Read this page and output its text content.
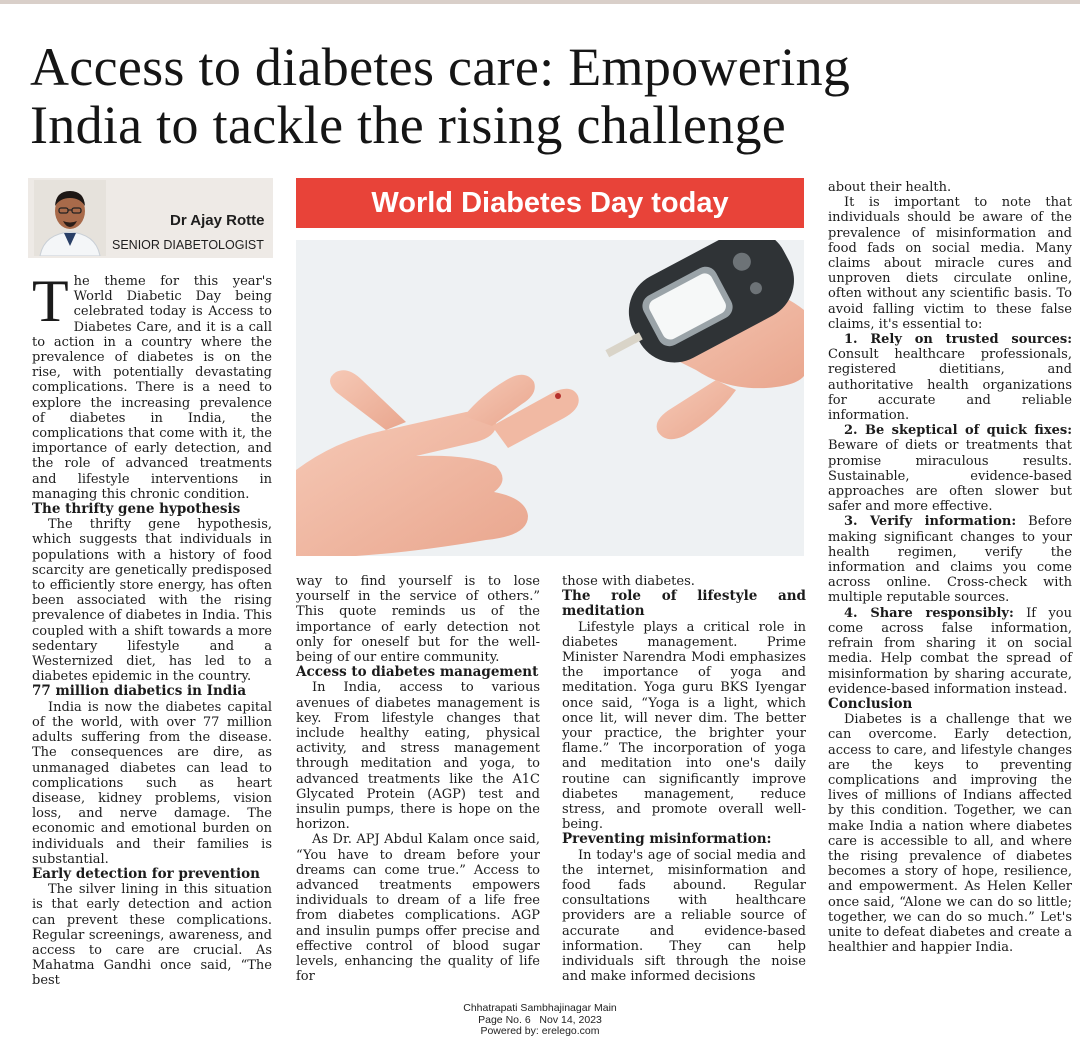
Access to diabetes care: Empowering
India to tackle the rising challenge
Dr Ajay Rotte
SENIOR DIABETOLOGIST
World Diabetes Day today

The theme for this year's World Diabetic Day being celebrated today is Access to Diabetes Care, and it is a call to action in a country where the prevalence of diabetes is on the rise, with potentially devastating complications. There is a need to explore the increasing prevalence of diabetes in India, the complications that come with it, the importance of early detection, and the role of advanced treatments and lifestyle interventions in managing this chronic condition.

The thrifty gene hypothesis

The thrifty gene hypothesis, which suggests that individuals in populations with a history of food scarcity are genetically predisposed to efficiently store energy, has often been associated with the rising prevalence of diabetes in India. This coupled with a shift towards a more sedentary lifestyle and a Westernized diet, has led to a diabetes epidemic in the country.

77 million diabetics in India

India is now the diabetes capital of the world, with over 77 million adults suffering from the disease. The consequences are dire, as unmanaged diabetes can lead to complications such as heart disease, kidney problems, vision loss, and nerve damage. The economic and emotional burden on individuals and their families is substantial.

Early detection for prevention

The silver lining in this situation is that early detection and action can prevent these complications. Regular screenings, awareness, and access to care are crucial. As Mahatma Gandhi once said, “The best

way to find yourself is to lose yourself in the service of others.” This quote reminds us of the importance of early detection not only for oneself but for the well-being of our entire community.

Access to diabetes management

In India, access to various avenues of diabetes management is key. From lifestyle changes that include healthy eating, physical activity, and stress management through meditation and yoga, to advanced treatments like the A1C Glycated Protein (AGP) test and insulin pumps, there is hope on the horizon.

As Dr. APJ Abdul Kalam once said, “You have to dream before your dreams can come true.” Access to advanced treatments empowers individuals to dream of a life free from diabetes complications. AGP and insulin pumps offer precise and effective control of blood sugar levels, enhancing the quality of life for

those with diabetes.

The role of lifestyle and meditation

Lifestyle plays a critical role in diabetes management. Prime Minister Narendra Modi emphasizes the importance of yoga and meditation. Yoga guru BKS Iyengar once said, “Yoga is a light, which once lit, will never dim. The better your practice, the brighter your flame.” The incorporation of yoga and meditation into one's daily routine can significantly improve diabetes management, reduce stress, and promote overall well-being.

Preventing misinformation:

In today's age of social media and the internet, misinformation and food fads abound. Regular consultations with healthcare providers are a reliable source of accurate and evidence-based information. They can help individuals sift through the noise and make informed decisions

about their health.

It is important to note that individuals should be aware of the prevalence of misinformation and food fads on social media. Many claims about miracle cures and unproven diets circulate online, often without any scientific basis. To avoid falling victim to these false claims, it's essential to:

1. Rely on trusted sources: Consult healthcare professionals, registered dietitians, and authoritative health organizations for accurate and reliable information.

2. Be skeptical of quick fixes: Beware of diets or treatments that promise miraculous results. Sustainable, evidence-based approaches are often slower but safer and more effective.

3. Verify information: Before making significant changes to your health regimen, verify the information and claims you come across online. Cross-check with multiple reputable sources.

4. Share responsibly: If you come across false information, refrain from sharing it on social media. Help combat the spread of misinformation by sharing accurate, evidence-based information instead.

Conclusion

Diabetes is a challenge that we can overcome. Early detection, access to care, and lifestyle changes are the keys to preventing complications and improving the lives of millions of Indians affected by this condition. Together, we can make India a nation where diabetes care is accessible to all, and where the rising prevalence of diabetes becomes a story of hope, resilience, and empowerment. As Helen Keller once said, “Alone we can do so little; together, we can do so much.” Let's unite to defeat diabetes and create a healthier and happier India.

Chhatrapati Sambhajinagar Main
Page No. 6   Nov 14, 2023
Powered by: erelego.com
